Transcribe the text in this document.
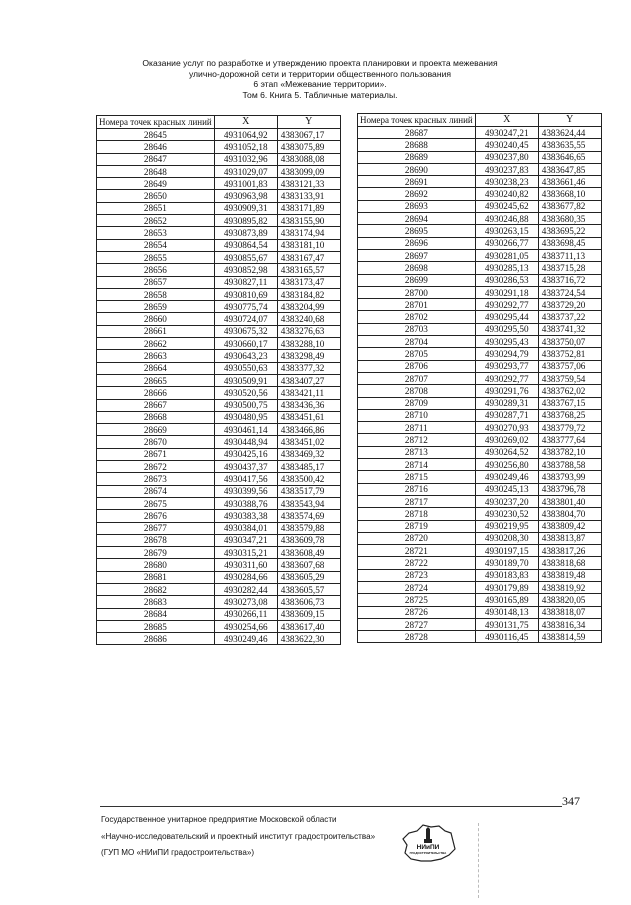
Оказание услуг по разработке и утверждению проекта планировки и проекта межевания
улично-дорожной сети и территории общественного пользования
6 этап «Межевание территории».
Том 6. Книга 5. Табличные материалы.
Номера точек красных линий	X	Y
28645	4931064,92	4383067,17
28646	4931052,18	4383075,89
28647	4931032,96	4383088,08
28648	4931029,07	4383099,09
28649	4931001,83	4383121,33
28650	4930963,98	4383133,91
28651	4930909,31	4383171,89
28652	4930895,82	4383155,90
28653	4930873,89	4383174,94
28654	4930864,54	4383181,10
28655	4930855,67	4383167,47
28656	4930852,98	4383165,57
28657	4930827,11	4383173,47
28658	4930810,69	4383184,82
28659	4930775,74	4383204,99
28660	4930724,07	4383240,68
28661	4930675,32	4383276,63
28662	4930660,17	4383288,10
28663	4930643,23	4383298,49
28664	4930550,63	4383377,32
28665	4930509,91	4383407,27
28666	4930520,56	4383421,11
28667	4930500,75	4383436,36
28668	4930480,95	4383451,61
28669	4930461,14	4383466,86
28670	4930448,94	4383451,02
28671	4930425,16	4383469,32
28672	4930437,37	4383485,17
28673	4930417,56	4383500,42
28674	4930399,56	4383517,79
28675	4930388,76	4383543,94
28676	4930383,38	4383574,69
28677	4930384,01	4383579,88
28678	4930347,21	4383609,78
28679	4930315,21	4383608,49
28680	4930311,60	4383607,68
28681	4930284,66	4383605,29
28682	4930282,44	4383605,57
28683	4930273,08	4383606,73
28684	4930266,11	4383609,15
28685	4930254,66	4383617,40
28686	4930249,46	4383622,30
Номера точек красных линий	X	Y
28687	4930247,21	4383624,44
28688	4930240,45	4383635,55
28689	4930237,80	4383646,65
28690	4930237,83	4383647,85
28691	4930238,23	4383661,46
28692	4930240,82	4383668,10
28693	4930245,62	4383677,82
28694	4930246,88	4383680,35
28695	4930263,15	4383695,22
28696	4930266,77	4383698,45
28697	4930281,05	4383711,13
28698	4930285,13	4383715,28
28699	4930286,53	4383716,72
28700	4930291,18	4383724,54
28701	4930292,77	4383729,20
28702	4930295,44	4383737,22
28703	4930295,50	4383741,32
28704	4930295,43	4383750,07
28705	4930294,79	4383752,81
28706	4930293,77	4383757,06
28707	4930292,77	4383759,54
28708	4930291,76	4383762,02
28709	4930289,31	4383767,15
28710	4930287,71	4383768,25
28711	4930270,93	4383779,72
28712	4930269,02	4383777,64
28713	4930264,52	4383782,10
28714	4930256,80	4383788,58
28715	4930249,46	4383793,99
28716	4930245,13	4383796,78
28717	4930237,20	4383801,40
28718	4930230,52	4383804,70
28719	4930219,95	4383809,42
28720	4930208,30	4383813,87
28721	4930197,15	4383817,26
28722	4930189,70	4383818,68
28723	4930183,83	4383819,48
28724	4930179,89	4383819,92
28725	4930165,89	4383820,05
28726	4930148,13	4383818,07
28727	4930131,75	4383816,34
28728	4930116,45	4383814,59
347
Государственное унитарное предприятие Московской области
«Научно-исследовательский и проектный институт градостроительства»
(ГУП МО «НИиПИ градостроительства»)
НИиПИ
ГРАДОСТРОИТЕЛЬСТВА
